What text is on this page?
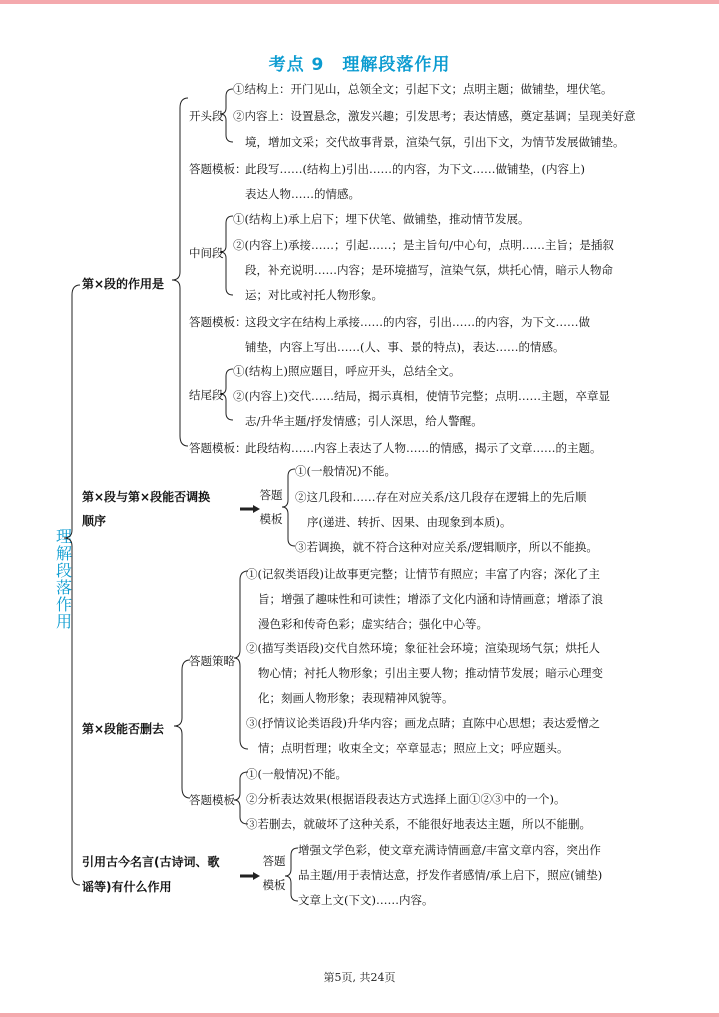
考点 9　理解段落作用
理解段落作用
第×段的作用是
开头段
①结构上：开门见山，总领全文；引起下文；点明主题；做铺垫，埋伏笔。
②内容上：设置悬念，激发兴趣；引发思考；表达情感，奠定基调；呈现美好意
境，增加文采；交代故事背景，渲染气氛，引出下文，为情节发展做铺垫。
答题模板：
此段写……(结构上)引出……的内容，为下文……做铺垫，(内容上)
表达人物……的情感。
中间段
①(结构上)承上启下；埋下伏笔、做铺垫，推动情节发展。
②(内容上)承接……；引起……；是主旨句/中心句，点明……主旨；是插叙
段，补充说明……内容；是环境描写，渲染气氛，烘托心情，暗示人物命
运；对比或衬托人物形象。
答题模板：
这段文字在结构上承接……的内容，引出……的内容，为下文……做
铺垫，内容上写出……(人、事、景的特点)，表达……的情感。
结尾段
①(结构上)照应题目，呼应开头，总结全文。
②(内容上)交代……结局，揭示真相，使情节完整；点明……主题，卒章显
志/升华主题/抒发情感；引人深思，给人警醒。
答题模板：
此段结构……内容上表达了人物……的情感，揭示了文章……的主题。
第×段与第×段能否调换
顺序
答题
模板
①(一般情况)不能。
②这几段和……存在对应关系/这几段存在逻辑上的先后顺
序(递进、转折、因果、由现象到本质)。
③若调换，就不符合这种对应关系/逻辑顺序，所以不能换。
第×段能否删去
答题策略
①(记叙类语段)让故事更完整；让情节有照应；丰富了内容；深化了主
旨；增强了趣味性和可读性；增添了文化内涵和诗情画意；增添了浪
漫色彩和传奇色彩；虚实结合；强化中心等。
②(描写类语段)交代自然环境；象征社会环境；渲染现场气氛；烘托人
物心情；衬托人物形象；引出主要人物；推动情节发展；暗示心理变
化；刻画人物形象；表现精神风貌等。
③(抒情议论类语段)升华内容；画龙点睛；直陈中心思想；表达爱憎之
情；点明哲理；收束全文；卒章显志；照应上文；呼应题头。
答题模板
①(一般情况)不能。
②分析表达效果(根据语段表达方式选择上面①②③中的一个)。
③若删去，就破坏了这种关系，不能很好地表达主题，所以不能删。
引用古今名言(古诗词、歌
谣等)有什么作用
答题
模板
增强文学色彩，使文章充满诗情画意/丰富文章内容，突出作
品主题/用于表情达意，抒发作者感情/承上启下，照应(铺垫)
文章上文(下文)……内容。
第5页, 共24页
